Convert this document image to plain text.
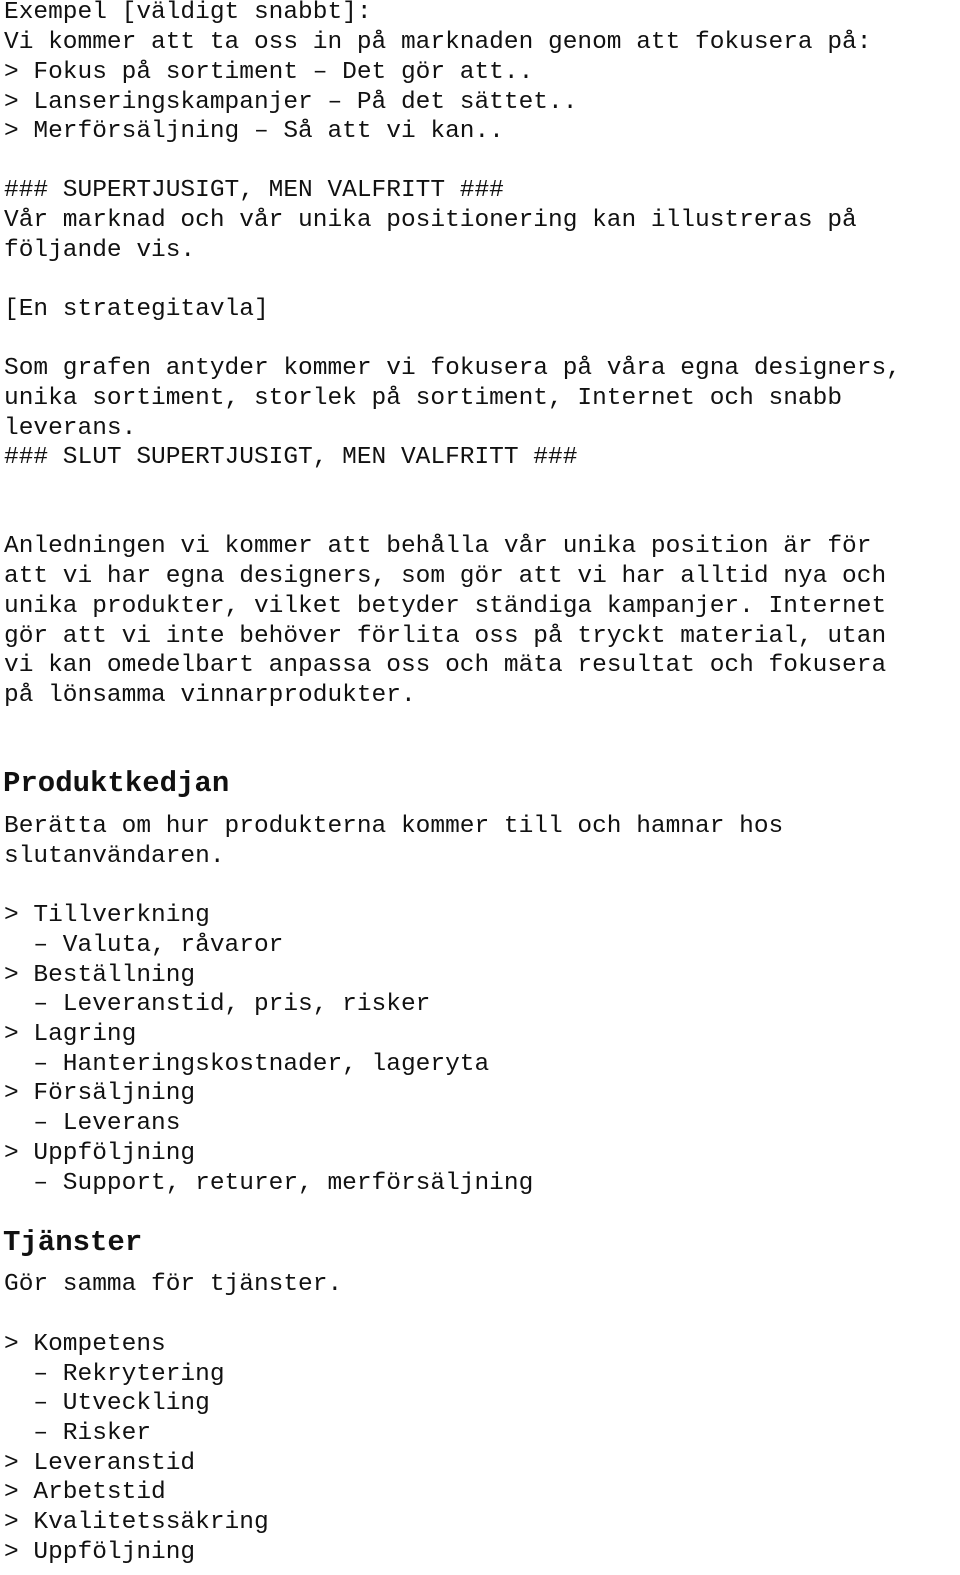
Exempel [väldigt snabbt]:

Vi kommer att ta oss in på marknaden genom att fokusera på:

> Fokus på sortiment – Det gör att..

> Lanseringskampanjer – På det sättet..

> Merförsäljning – Så att vi kan..

### SUPERTJUSIGT, MEN VALFRITT ###

Vår marknad och vår unika positionering kan illustreras på

följande vis.

[En strategitavla]

Som grafen antyder kommer vi fokusera på våra egna designers,

unika sortiment, storlek på sortiment, Internet och snabb

leverans.

### SLUT SUPERTJUSIGT, MEN VALFRITT ###

Anledningen vi kommer att behålla vår unika position är för

att vi har egna designers, som gör att vi har alltid nya och

unika produkter, vilket betyder ständiga kampanjer. Internet

gör att vi inte behöver förlita oss på tryckt material, utan

vi kan omedelbart anpassa oss och mäta resultat och fokusera

på lönsamma vinnarprodukter.

Produktkedjan

Berätta om hur produkterna kommer till och hamnar hos

slutanvändaren.

> Tillverkning

– Valuta, råvaror

> Beställning

– Leveranstid, pris, risker

> Lagring

– Hanteringskostnader, lageryta

> Försäljning

– Leverans

> Uppföljning

– Support, returer, merförsäljning

Tjänster

Gör samma för tjänster.

> Kompetens

– Rekrytering

– Utveckling

– Risker

> Leveranstid

> Arbetstid

> Kvalitetssäkring

> Uppföljning
